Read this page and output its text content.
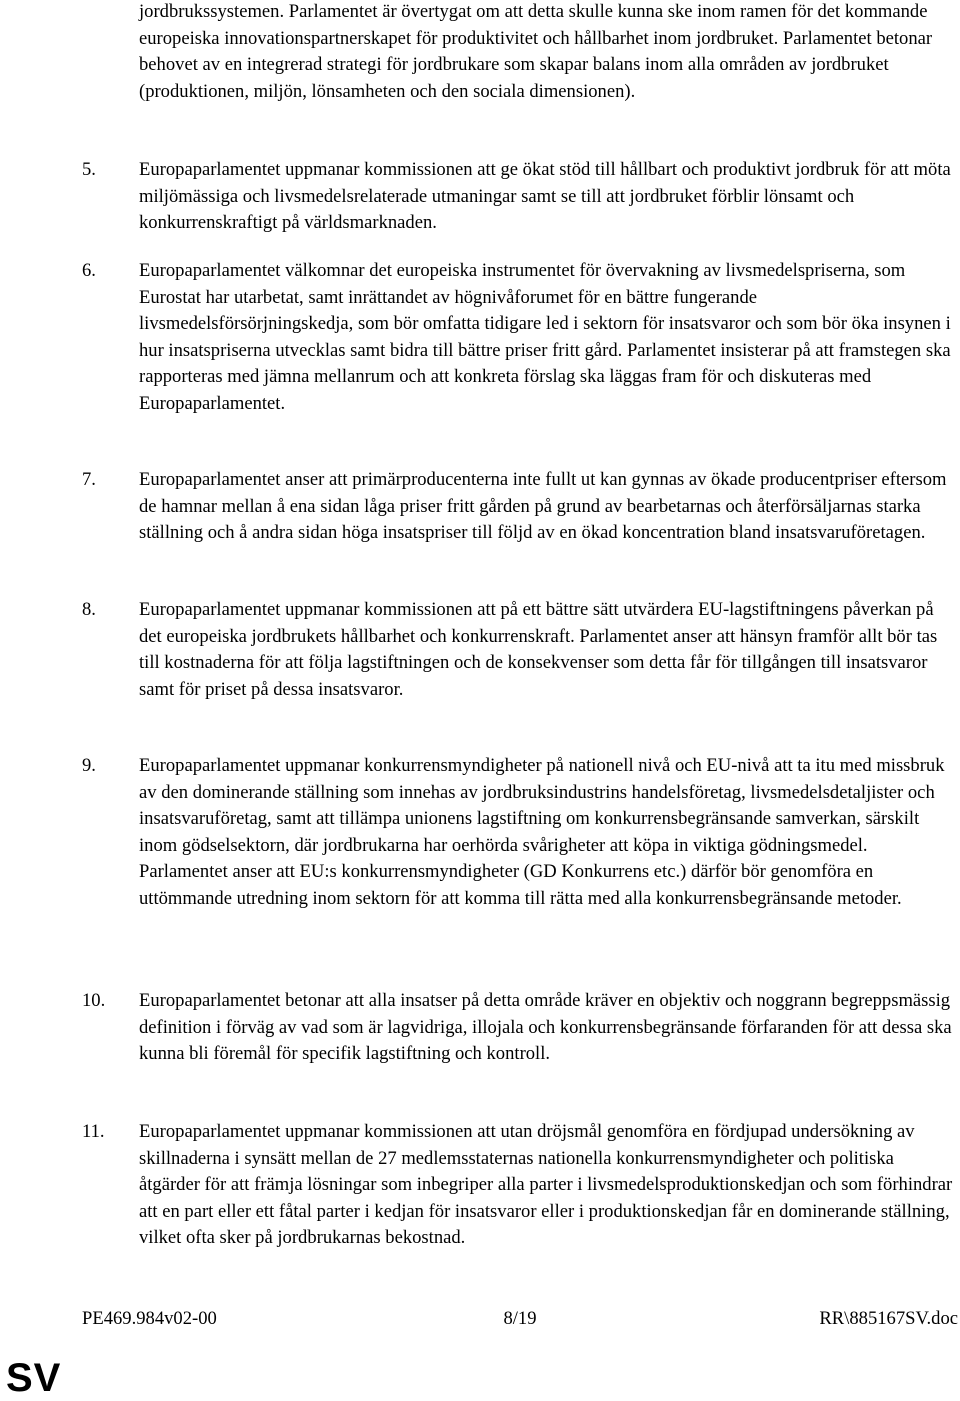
jordbrukssystemen. Parlamentet är övertygat om att detta skulle kunna ske inom ramen för det kommande europeiska innovationspartnerskapet för produktivitet och hållbarhet inom jordbruket. Parlamentet betonar behovet av en integrerad strategi för jordbrukare som skapar balans inom alla områden av jordbruket (produktionen, miljön, lönsamheten och den sociala dimensionen).

5. Europaparlamentet uppmanar kommissionen att ge ökat stöd till hållbart och produktivt jordbruk för att möta miljömässiga och livsmedelsrelaterade utmaningar samt se till att jordbruket förblir lönsamt och konkurrenskraftigt på världsmarknaden.

6. Europaparlamentet välkomnar det europeiska instrumentet för övervakning av livsmedelspriserna, som Eurostat har utarbetat, samt inrättandet av högnivåforumet för en bättre fungerande livsmedelsförsörjningskedja, som bör omfatta tidigare led i sektorn för insatsvaror och som bör öka insynen i hur insatspriserna utvecklas samt bidra till bättre priser fritt gård. Parlamentet insisterar på att framstegen ska rapporteras med jämna mellanrum och att konkreta förslag ska läggas fram för och diskuteras med Europaparlamentet.

7. Europaparlamentet anser att primärproducenterna inte fullt ut kan gynnas av ökade producentpriser eftersom de hamnar mellan å ena sidan låga priser fritt gården på grund av bearbetarnas och återförsäljarnas starka ställning och å andra sidan höga insatspriser till följd av en ökad koncentration bland insatsvaruföretagen.

8. Europaparlamentet uppmanar kommissionen att på ett bättre sätt utvärdera EU-lagstiftningens påverkan på det europeiska jordbrukets hållbarhet och konkurrenskraft. Parlamentet anser att hänsyn framför allt bör tas till kostnaderna för att följa lagstiftningen och de konsekvenser som detta får för tillgången till insatsvaror samt för priset på dessa insatsvaror.

9. Europaparlamentet uppmanar konkurrensmyndigheter på nationell nivå och EU-nivå att ta itu med missbruk av den dominerande ställning som innehas av jordbruksindustrins handelsföretag, livsmedelsdetaljister och insatsvaruföretag, samt att tillämpa unionens lagstiftning om konkurrensbegränsande samverkan, särskilt inom gödselsektorn, där jordbrukarna har oerhörda svårigheter att köpa in viktiga gödningsmedel. Parlamentet anser att EU:s konkurrensmyndigheter (GD Konkurrens etc.) därför bör genomföra en uttömmande utredning inom sektorn för att komma till rätta med alla konkurrensbegränsande metoder.

10. Europaparlamentet betonar att alla insatser på detta område kräver en objektiv och noggrann begreppsmässig definition i förväg av vad som är lagvidriga, illojala och konkurrensbegränsande förfaranden för att dessa ska kunna bli föremål för specifik lagstiftning och kontroll.

11. Europaparlamentet uppmanar kommissionen att utan dröjsmål genomföra en fördjupad undersökning av skillnaderna i synsätt mellan de 27 medlemsstaternas nationella konkurrensmyndigheter och politiska åtgärder för att främja lösningar som inbegriper alla parter i livsmedelsproduktionskedjan och som förhindrar att en part eller ett fåtal parter i kedjan för insatsvaror eller i produktionskedjan får en dominerande ställning, vilket ofta sker på jordbrukarnas bekostnad.

PE469.984v02-00	8/19	RR\885167SV.doc
SV
